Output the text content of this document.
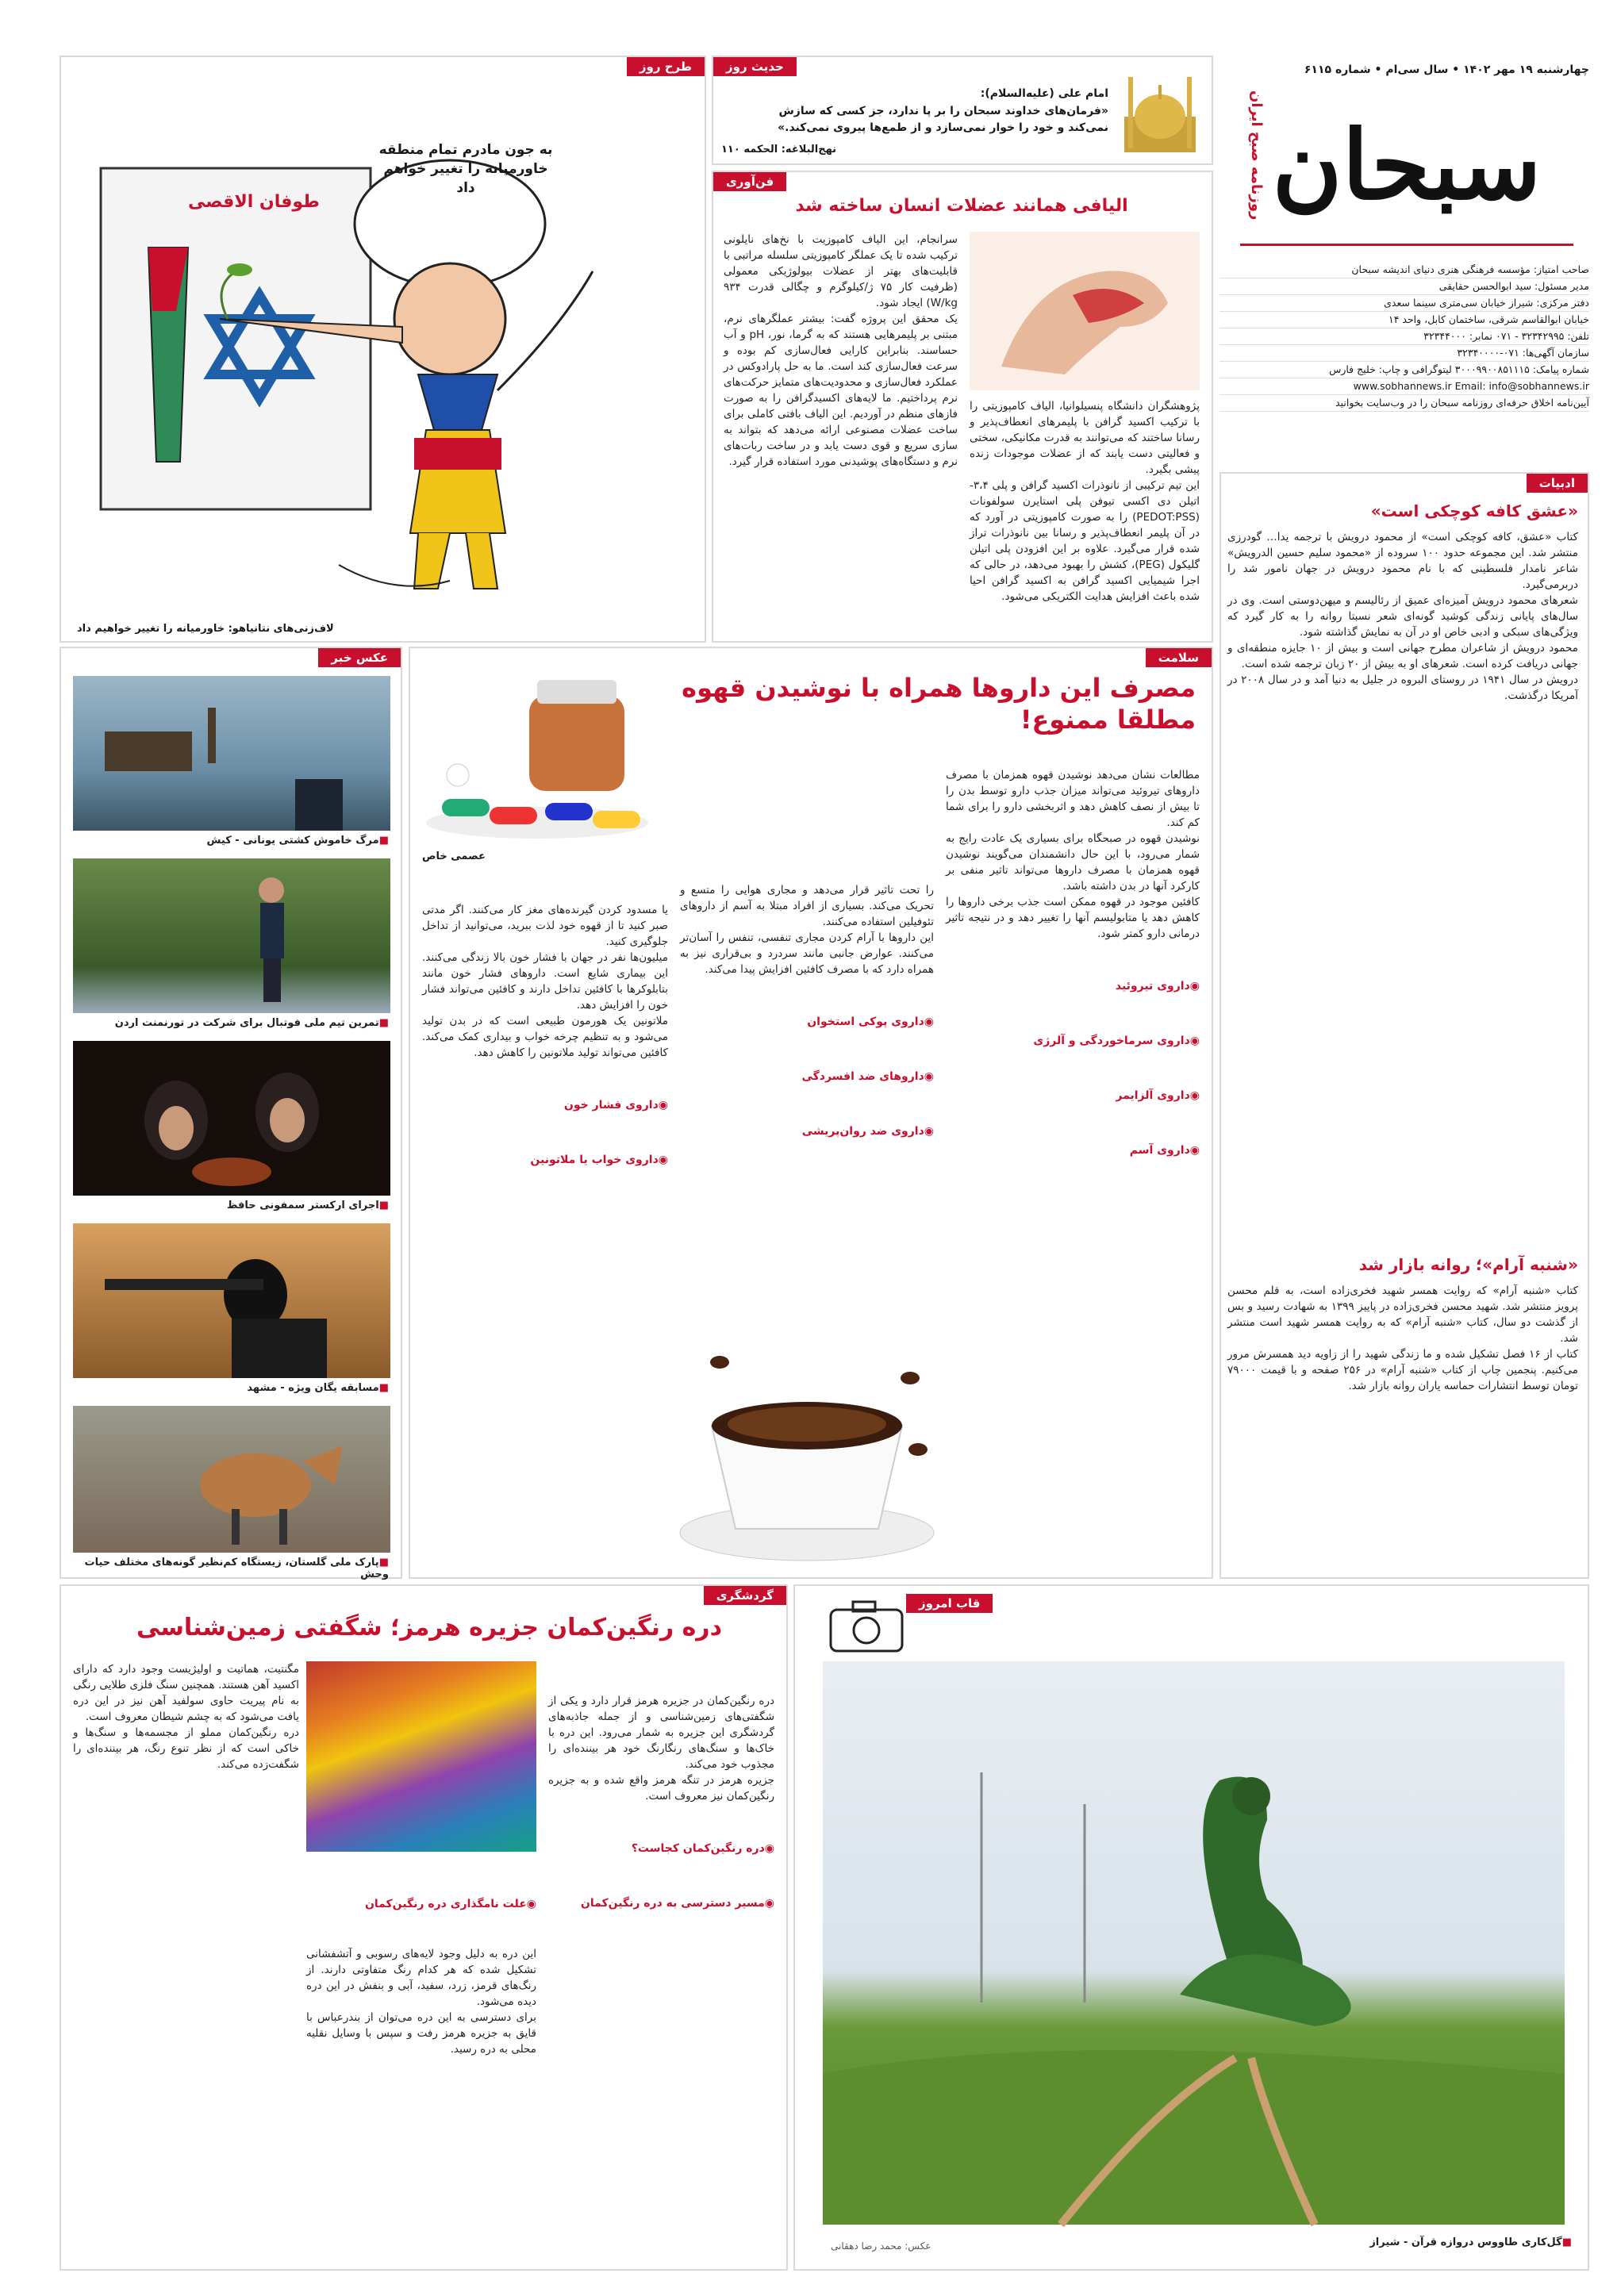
چهارشنبه ۱۹ مهر ۱۴۰۲ • سال سی‌ام • شماره ۶۱۱۵
سبحان
روزنامه صبح ایران
صاحب امتیاز: مؤسسه فرهنگی هنری دنیای اندیشه سبحان
مدیر مسئول: سید ابوالحسن حقایقی
دفتر مرکزی: شیراز خیابان سی‌متری سینما سعدی
خیابان ابوالقاسم شرقی، ساختمان کابل، واحد ۱۴
تلفن: ۳۲۳۴۲۹۹۵ - ۰۷۱ نمابر: ۳۲۳۴۴۰۰۰
سازمان آگهی‌ها: ۰۷۱-۳۲۳۴۰۰۰۰
شماره پیامک: ۳۰۰۰۹۹۰۰۸۵۱۱۱۵ لیتوگرافی و چاپ: خلیج فارس
www.sobhannews.ir Email: info@sobhannews.ir
آیین‌نامه اخلاق حرفه‌ای روزنامه سبحان را در وب‌سایت بخوانید
حدیث روز
امام علی (علیه‌السلام):
«فرمان‌های خداوند سبحان را بر پا ندارد، جز کسی که سازش نمی‌کند و خود را خوار نمی‌سازد و از طمع‌ها پیروی نمی‌کند.»
نهج‌البلاغه: الحکمه ۱۱۰
طرح روز
به جون مادرم تمام منطقه خاورمیانه را تغییر خواهم داد
طوفان الاقصی
لاف‌زنی‌های نتانیاهو: خاورمیانه را تغییر خواهیم داد
فن‌آوری
الیافی همانند عضلات انسان ساخته شد
پژوهشگران دانشگاه پنسیلوانیا، الیاف کامپوزیتی را با ترکیب اکسید گرافن با پلیمرهای انعطاف‌پذیر و رسانا ساختند که می‌توانند به قدرت مکانیکی، سختی و فعالیتی دست یابند که از عضلات موجودات زنده پیشی بگیرد.
این تیم ترکیبی از نانوذرات اکسید گرافن و پلی ۳،۴-اتیلن دی اکسی تیوفن پلی استایرن سولفونات (PEDOT:PSS) را به صورت کامپوزیتی در آورد که در آن پلیمر انعطاف‌پذیر و رسانا بین نانوذرات تراز شده قرار می‌گیرد. علاوه بر این افزودن پلی اتیلن گلیکول (PEG)، کشش را بهبود می‌دهد، در حالی که اجرا شیمیایی اکسید گرافن به اکسید گرافن احیا شده باعث افزایش هدایت الکتریکی می‌شود.
سرانجام، این الیاف کامپوزیت با نخ‌های نایلونی ترکیب شده تا یک عملگر کامپوزیتی سلسله مراتبی با قابلیت‌های بهتر از عضلات بیولوژیکی معمولی (ظرفیت کار ۷۵ ژ/کیلوگرم و چگالی قدرت ۹۳۴ W/kg) ایجاد شود.
یک محقق این پروژه گفت: بیشتر عملگرهای نرم، مبتنی بر پلیمرهایی هستند که به گرما، نور، pH و آب حساسند. بنابراین کارایی فعال‌سازی کم بوده و سرعت فعال‌سازی کند است. ما به حل پارادوکس در عملکرد فعال‌سازی و محدودیت‌های متمایز حرکت‌های نرم پرداختیم. ما لایه‌های اکسیدگرافن را به صورت فازهای منظم در آوردیم. این الیاف بافتی کاملی برای ساخت عضلات مصنوعی ارائه می‌دهد که بتواند به سازی سریع و قوی دست یابد و در ساخت ربات‌های نرم و دستگاه‌های پوشیدنی مورد استفاده قرار گیرد.
ادبیات
«عشق کافه کوچکی است»
کتاب «عشق، کافه کوچکی است» از محمود درویش با ترجمه یدا… گودرزی منتشر شد. این مجموعه حدود ۱۰۰ سروده از «محمود سلیم حسین الدرویش» شاعر نامدار فلسطینی که با نام محمود درویش در جهان نامور شد را دربرمی‌گیرد.
شعرهای محمود درویش آمیزه‌ای عمیق از رئالیسم و میهن‌دوستی است. وی در سال‌های پایانی زندگی کوشید گونه‌ای شعر نسبتا روانه را به کار گیرد که ویژگی‌های سبکی و ادبی خاص او در آن به نمایش گذاشته شود.
محمود درویش از شاعران مطرح جهانی است و بیش از ۱۰ جایزه منطقه‌ای و جهانی دریافت کرده است. شعرهای او به بیش از ۲۰ زبان ترجمه شده است.
درویش در سال ۱۹۴۱ در روستای البروه در جلیل به دنیا آمد و در سال ۲۰۰۸ در آمریکا درگذشت.
«شنبه آرام»؛ روانه بازار شد
کتاب «شنبه آرام» که روایت همسر شهید فخری‌زاده است، به قلم محسن پرویز منتشر شد. شهید محسن فخری‌زاده در پاییز ۱۳۹۹ به شهادت رسید و بس از گذشت دو سال، کتاب «شنبه آرام» که به روایت همسر شهید است منتشر شد.
کتاب از ۱۶ فصل تشکیل شده و ما زندگی شهید را از زاویه دید همسرش مرور می‌کنیم. پنجمین چاپ از کتاب «شنبه آرام» در ۲۵۶ صفحه و با قیمت ۷۹۰۰۰ تومان توسط انتشارات حماسه یاران روانه بازار شد.
سلامت
مصرف این داروها همراه با نوشیدن قهوه مطلقا ممنوع!

مطالعات نشان می‌دهد نوشیدن قهوه همزمان با مصرف داروهای تیروئید می‌تواند میزان جذب دارو توسط بدن را تا بیش از نصف کاهش دهد و اثربخشی دارو را برای شما کم کند.
نوشیدن قهوه در صبحگاه برای بسیاری یک عادت رایج به شمار می‌رود، با این حال دانشمندان می‌گویند نوشیدن قهوه همزمان با مصرف داروها می‌تواند تاثیر منفی بر کارکرد آنها در بدن داشته باشد.
کافئین موجود در قهوه ممکن است جذب برخی داروها را کاهش دهد یا متابولیسم آنها را تغییر دهد و در نتیجه تاثیر درمانی دارو کمتر شود.

◉ داروی تیروئید

◉ داروی سرماخوردگی و آلرژی

◉ داروی آلزایمر

◉ داروی آسم

را تحت تاثیر قرار می‌دهد و مجاری هوایی را متسع و تحریک می‌کند. بسیاری از افراد مبتلا به آسم از داروهای تئوفیلین استفاده می‌کنند.
این داروها با آرام کردن مجاری تنفسی، تنفس را آسان‌تر می‌کنند. عوارض جانبی مانند سردرد و بی‌قراری نیز به همراه دارد که با مصرف کافئین افزایش پیدا می‌کند.

◉ داروی پوکی استخوان

◉ داروهای ضد افسردگی

◉ داروی ضد روان‌پریشی

عصمی خاص

یا مسدود کردن گیرنده‌های مغز کار می‌کنند. اگر مدتی صبر کنید تا از قهوه خود لذت ببرید، می‌توانید از تداخل جلوگیری کنید.
میلیون‌ها نفر در جهان با فشار خون بالا زندگی می‌کنند. این بیماری شایع است. داروهای فشار خون مانند بتابلوکرها با کافئین تداخل دارند و کافئین می‌تواند فشار خون را افزایش دهد.
ملاتونین یک هورمون طبیعی است که در بدن تولید می‌شود و به تنظیم چرخه خواب و بیداری کمک می‌کند. کافئین می‌تواند تولید ملاتونین را کاهش دهد.

◉ داروی فشار خون

◉ داروی خواب یا ملاتونین

عکس خبر
■ مرگ خاموش کشتی یونانی - کیش
■ تمرین تیم ملی فوتبال برای شرکت در تورنمنت اردن
■ اجرای ارکستر سمفونی حافظ
■ مسابقه یگان ویژه - مشهد
■ پارک ملی گلستان، زیستگاه کم‌نظیر گونه‌های مختلف حیات وحش
گردشگری
دره رنگین‌کمان جزیره هرمز؛ شگفتی زمین‌شناسی

دره رنگین‌کمان در جزیره هرمز قرار دارد و یکی از شگفتی‌های زمین‌شناسی و از جمله جاذبه‌های گردشگری این جزیره به شمار می‌رود. این دره با خاک‌ها و سنگ‌های رنگارنگ خود هر بیننده‌ای را مجذوب خود می‌کند.
جزیره هرمز در تنگه هرمز واقع شده و به جزیره رنگین‌کمان نیز معروف است.

◉ دره رنگین‌کمان کجاست؟

◉ مسیر دسترسی به دره رنگین‌کمان

◉ علت نامگذاری دره رنگین‌کمان

این دره به دلیل وجود لایه‌های رسوبی و آتشفشانی تشکیل شده که هر کدام رنگ متفاوتی دارند. از رنگ‌های قرمز، زرد، سفید، آبی و بنفش در این دره دیده می‌شود.
برای دسترسی به این دره می‌توان از بندرعباس با قایق به جزیره هرمز رفت و سپس با وسایل نقلیه محلی به دره رسید.

مگنتیت، هماتیت و اولیژیست وجود دارد که دارای اکسید آهن هستند. همچنین سنگ فلزی طلایی رنگی به نام پیریت حاوی سولفید آهن نیز در این دره یافت می‌شود که به چشم شیطان معروف است.
دره رنگین‌کمان مملو از مجسمه‌ها و سنگ‌ها و خاکی است که از نظر تنوع رنگ، هر بیننده‌ای را شگفت‌زده می‌کند.
قاب امروز
■ گل‌کاری طاووس دروازه قرآن - شیراز
عکس: محمد رضا دهقانی
